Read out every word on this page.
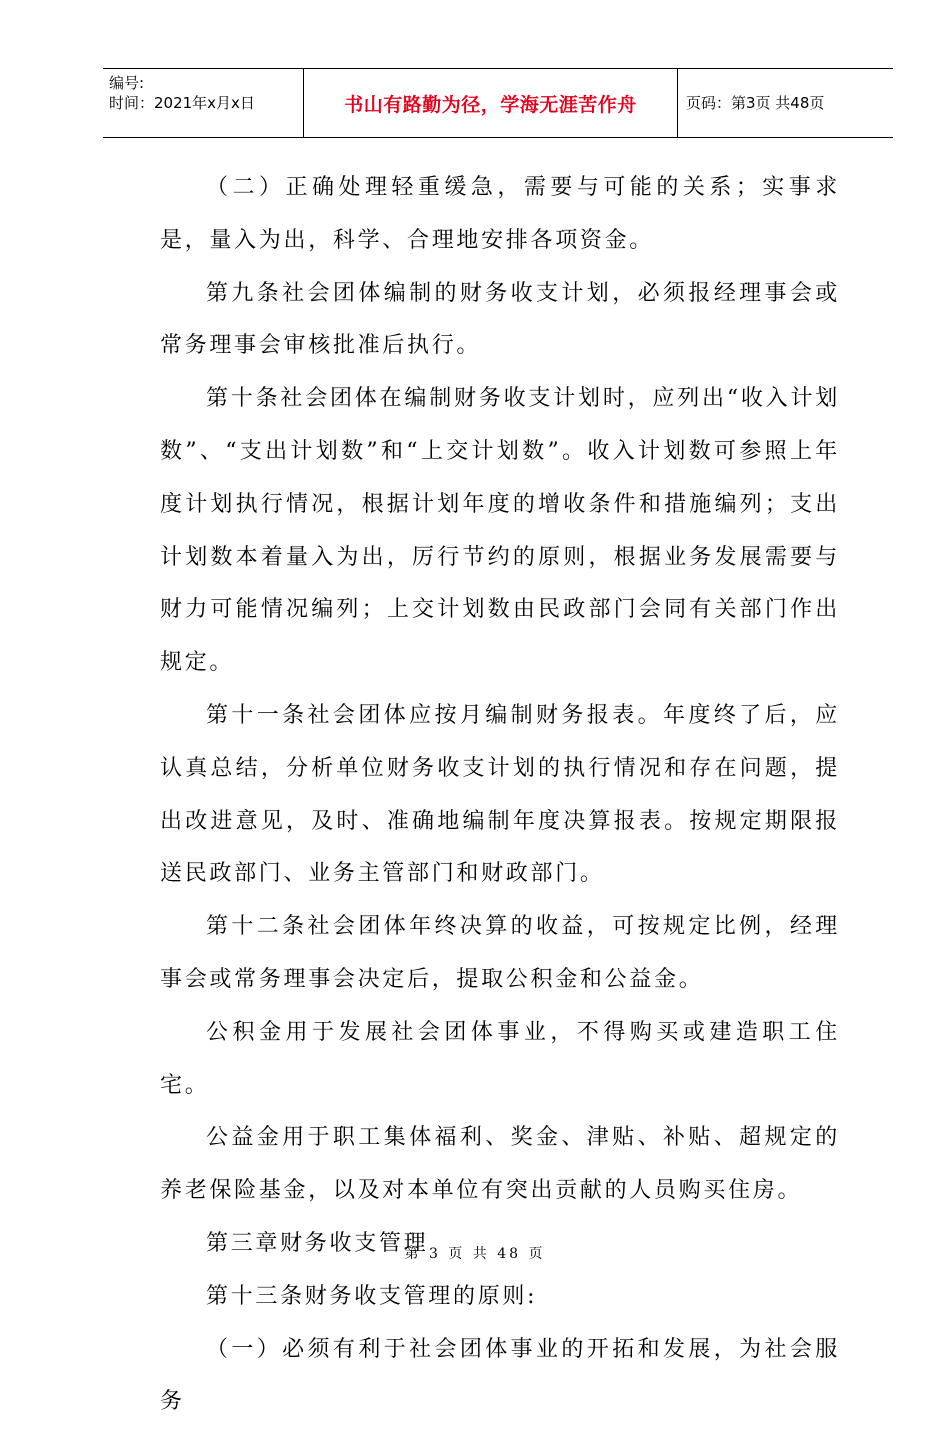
编号:
时间：2021年x月x日	书山有路勤为径，学海无涯苦作舟	页码：第3页 共48页

（二）正确处理轻重缓急，需要与可能的关系；实事求是，量入为出，科学、合理地安排各项资金。

第九条社会团体编制的财务收支计划，必须报经理事会或常务理事会审核批准后执行。

第十条社会团体在编制财务收支计划时，应列出“收入计划数”、“支出计划数”和“上交计划数”。收入计划数可参照上年度计划执行情况，根据计划年度的增收条件和措施编列；支出计划数本着量入为出，厉行节约的原则，根据业务发展需要与财力可能情况编列；上交计划数由民政部门会同有关部门作出规定。

第十一条社会团体应按月编制财务报表。年度终了后，应认真总结，分析单位财务收支计划的执行情况和存在问题，提出改进意见，及时、准确地编制年度决算报表。按规定期限报送民政部门、业务主管部门和财政部门。

第十二条社会团体年终决算的收益，可按规定比例，经理事会或常务理事会决定后，提取公积金和公益金。

公积金用于发展社会团体事业，不得购买或建造职工住宅。

公益金用于职工集体福利、奖金、津贴、补贴、超规定的养老保险基金，以及对本单位有突出贡献的人员购买住房。

第三章财务收支管理

第十三条财务收支管理的原则:

（一）必须有利于社会团体事业的开拓和发展，为社会服务

第 3 页 共 48 页
